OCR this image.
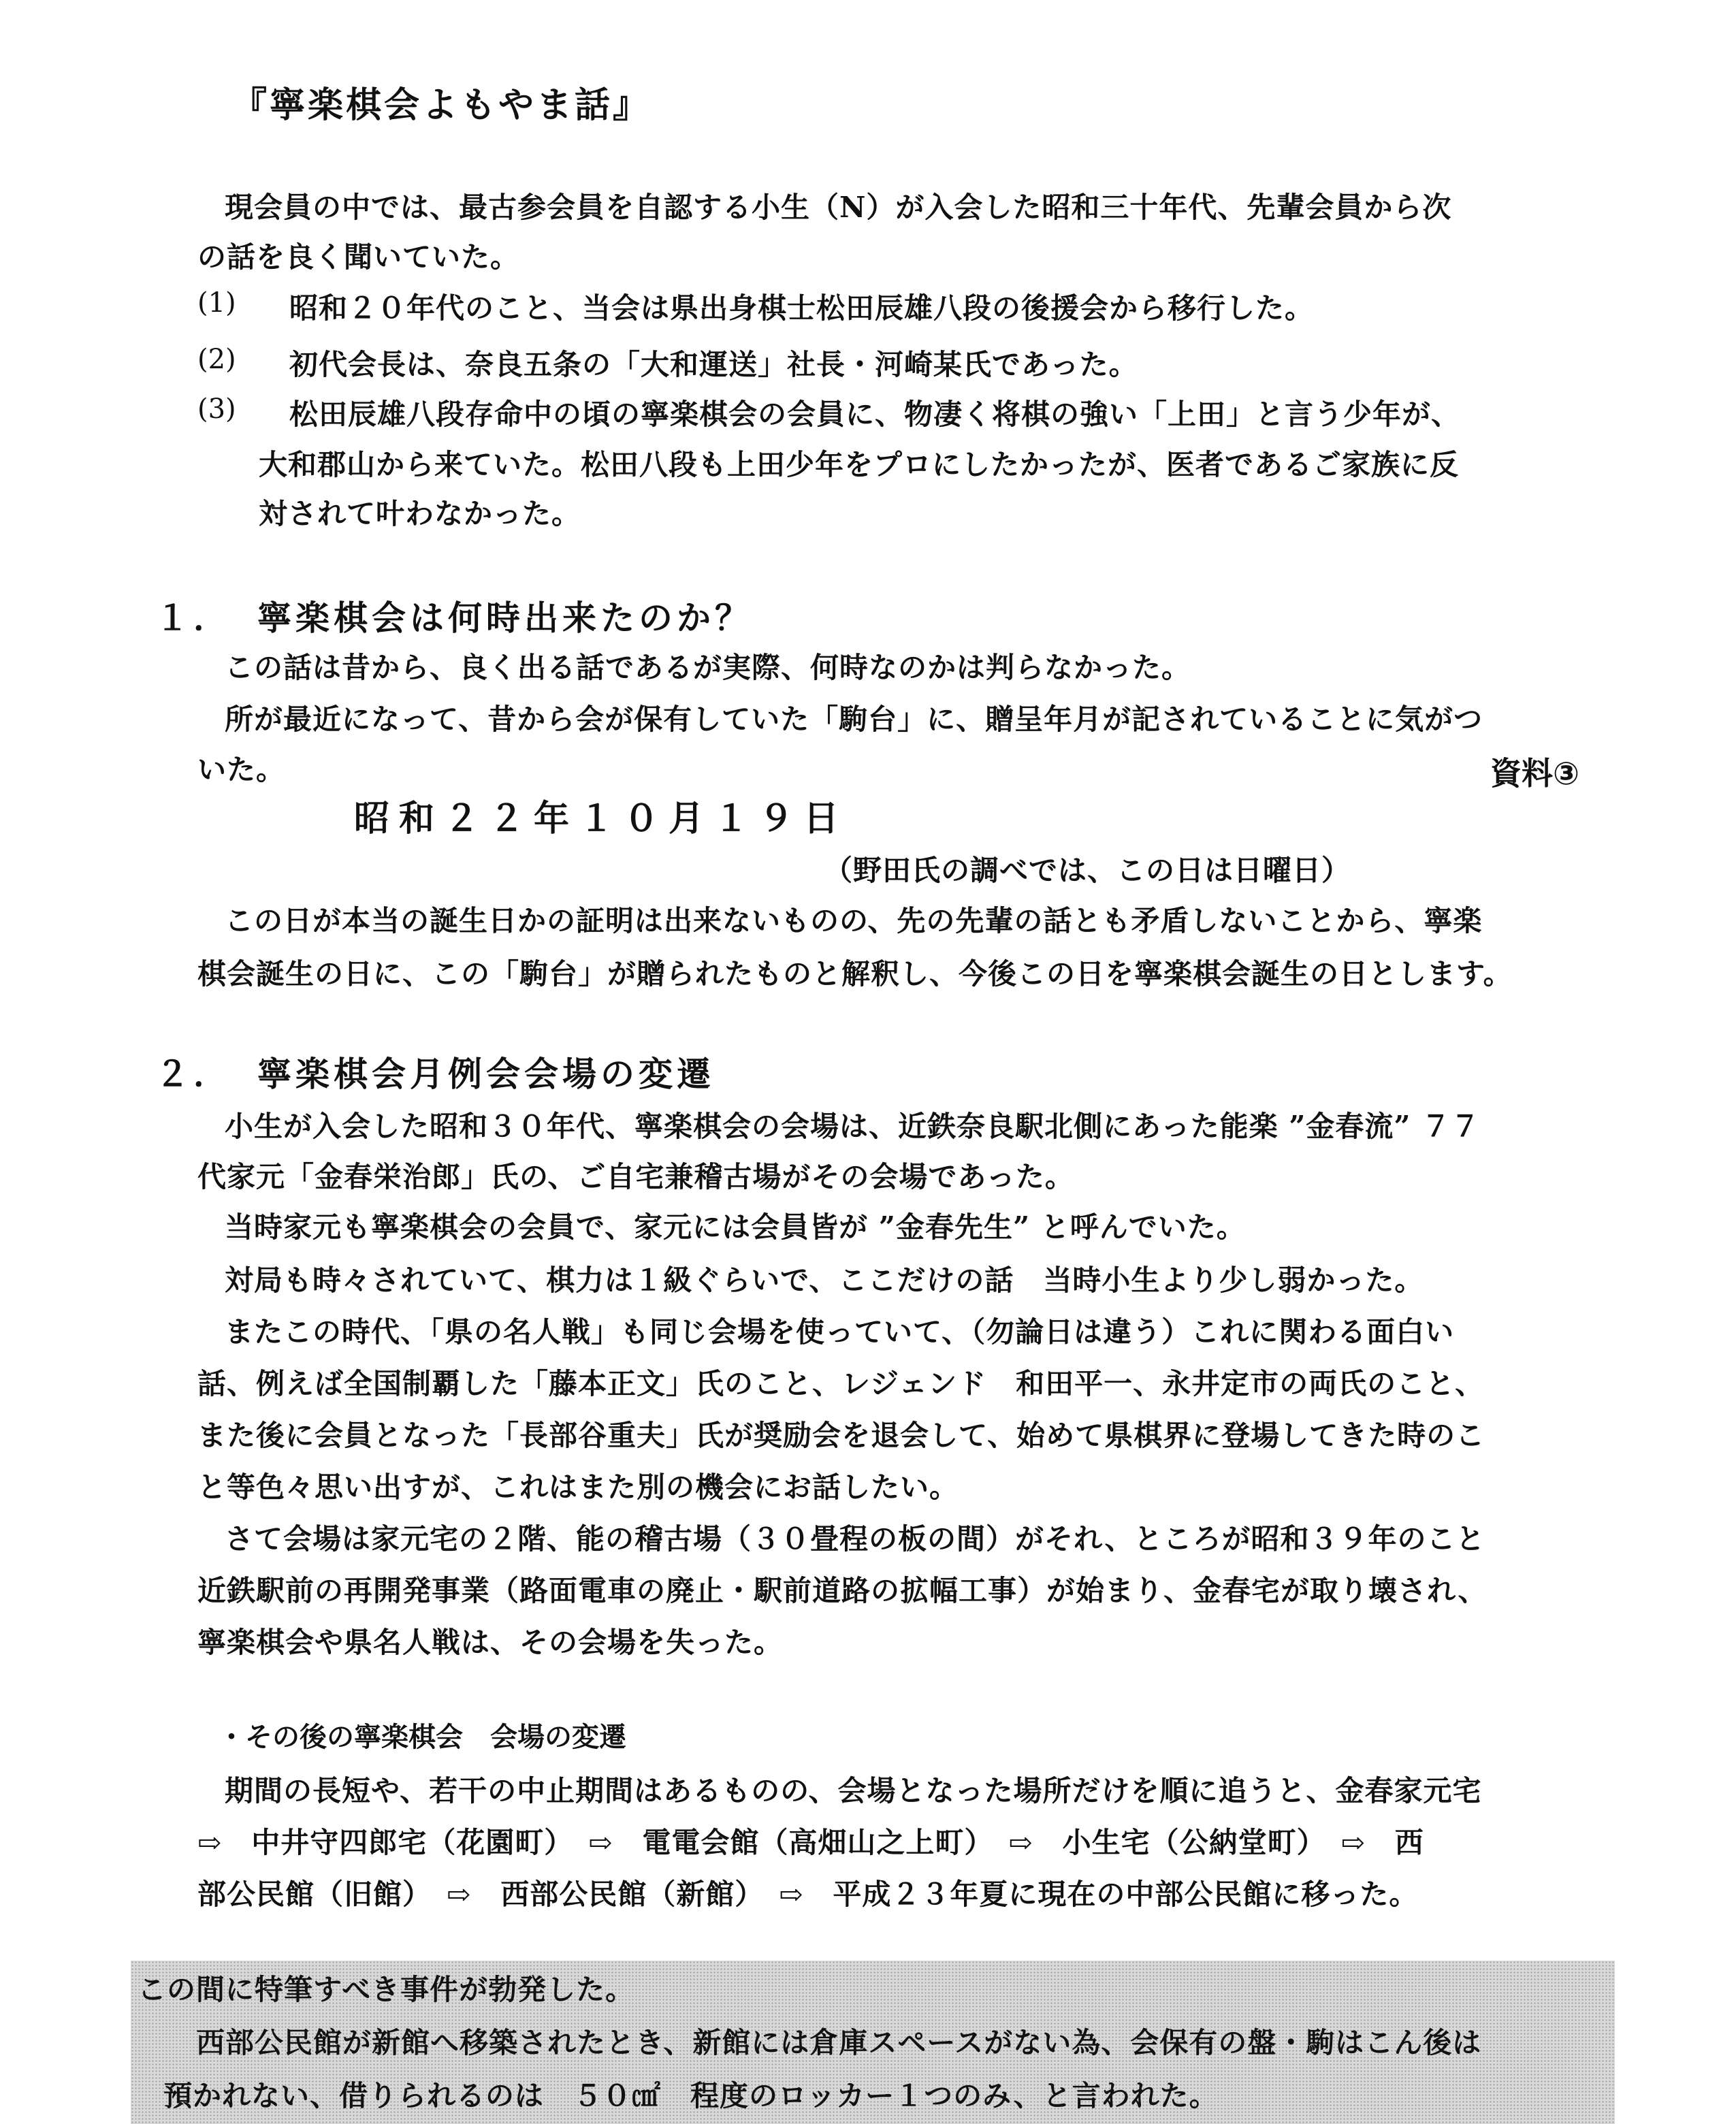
『寧楽棋会よもやま話』
現会員の中では、最古参会員を自認する小生（N）が入会した昭和三十年代、先輩会員から次
の話を良く聞いていた。
(1) 昭和２０年代のこと、当会は県出身棋士松田辰雄八段の後援会から移行した。
(2) 初代会長は、奈良五条の「大和運送」社長・河崎某氏であった。
(3) 松田辰雄八段存命中の頃の寧楽棋会の会員に、物凄く将棋の強い「上田」と言う少年が、
大和郡山から来ていた。松田八段も上田少年をプロにしたかったが、医者であるご家族に反
対されて叶わなかった。
１． 寧楽棋会は何時出来たのか？
この話は昔から、良く出る話であるが実際、何時なのかは判らなかった。
所が最近になって、昔から会が保有していた「駒台」に、贈呈年月が記されていることに気がつ
いた。	資料③
昭和２２年１０月１９日
（野田氏の調べでは、この日は日曜日）
この日が本当の誕生日かの証明は出来ないものの、先の先輩の話とも矛盾しないことから、寧楽
棋会誕生の日に、この「駒台」が贈られたものと解釈し、今後この日を寧楽棋会誕生の日とします。
２． 寧楽棋会月例会会場の変遷
小生が入会した昭和３０年代、寧楽棋会の会場は、近鉄奈良駅北側にあった能楽 ”金春流” ７７
代家元「金春栄治郎」氏の、ご自宅兼稽古場がその会場であった。
当時家元も寧楽棋会の会員で、家元には会員皆が ”金春先生” と呼んでいた。
対局も時々されていて、棋力は１級ぐらいで、ここだけの話　当時小生より少し弱かった。
またこの時代、「県の名人戦」も同じ会場を使っていて、（勿論日は違う）これに関わる面白い
話、例えば全国制覇した「藤本正文」氏のこと、レジェンド　和田平一、永井定市の両氏のこと、
また後に会員となった「長部谷重夫」氏が奨励会を退会して、始めて県棋界に登場してきた時のこ
と等色々思い出すが、これはまた別の機会にお話したい。
さて会場は家元宅の２階、能の稽古場（３０畳程の板の間）がそれ、ところが昭和３９年のこと
近鉄駅前の再開発事業（路面電車の廃止・駅前道路の拡幅工事）が始まり、金春宅が取り壊され、
寧楽棋会や県名人戦は、その会場を失った。
・その後の寧楽棋会　会場の変遷
期間の長短や、若干の中止期間はあるものの、会場となった場所だけを順に追うと、金春家元宅
⇨　中井守四郎宅（花園町）　⇨　電電会館（高畑山之上町）　⇨　小生宅（公納堂町）　⇨　西
部公民館（旧館）　⇨　西部公民館（新館）　⇨　平成２３年夏に現在の中部公民館に移った。
この間に特筆すべき事件が勃発した。
西部公民館が新館へ移築されたとき、新館には倉庫スペースがない為、会保有の盤・駒はこん後は
預かれない、借りられるのは　５０㎠　程度のロッカー１つのみ、と言われた。
